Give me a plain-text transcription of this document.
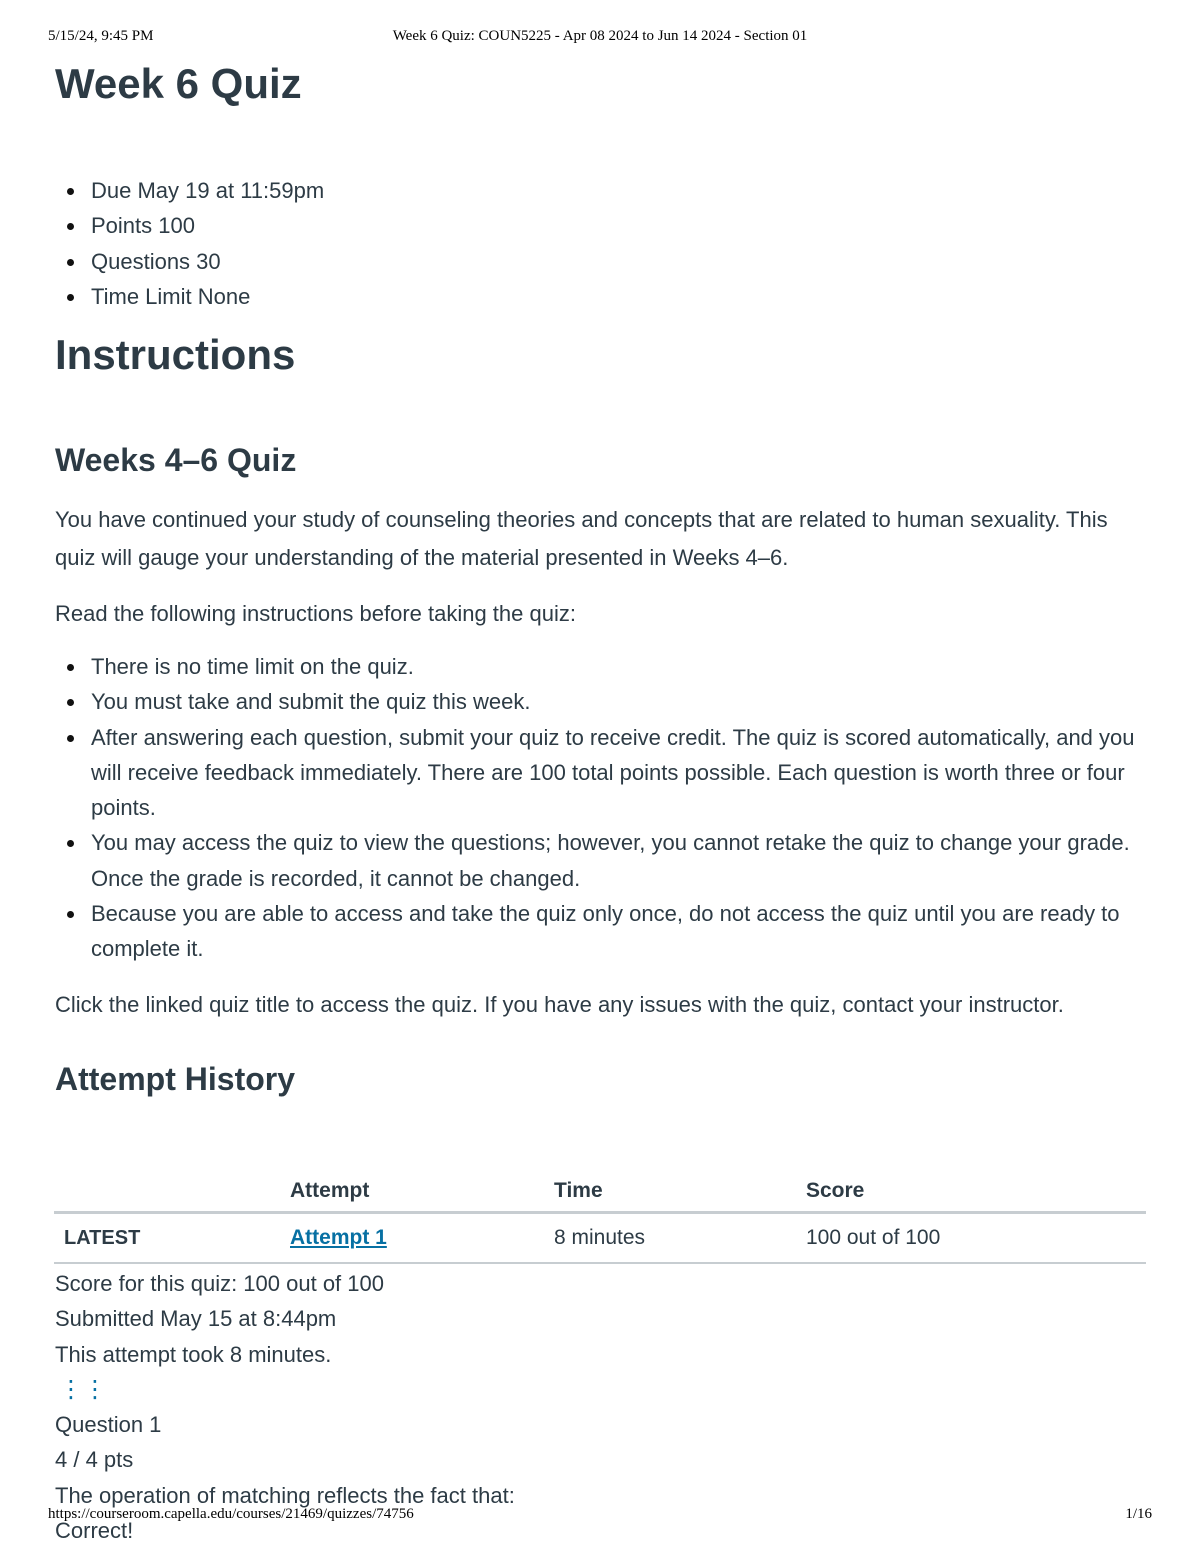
5/15/24, 9:45 PM	Week 6 Quiz: COUN5225 - Apr 08 2024 to Jun 14 2024 - Section 01
Week 6 Quiz
Due May 19 at 11:59pm
Points 100
Questions 30
Time Limit None
Instructions
Weeks 4–6 Quiz

You have continued your study of counseling theories and concepts that are related to human sexuality. This quiz will gauge your understanding of the material presented in Weeks 4–6.

Read the following instructions before taking the quiz:

There is no time limit on the quiz.
You must take and submit the quiz this week.
After answering each question, submit your quiz to receive credit. The quiz is scored automatically, and you will receive feedback immediately. There are 100 total points possible. Each question is worth three or four points.
You may access the quiz to view the questions; however, you cannot retake the quiz to change your grade. Once the grade is recorded, it cannot be changed.
Because you are able to access and take the quiz only once, do not access the quiz until you are ready to complete it.

Click the linked quiz title to access the quiz. If you have any issues with the quiz, contact your instructor.

Attempt History
	Attempt	Time	Score
LATEST	Attempt 1	8 minutes	100 out of 100
Score for this quiz: 100 out of 100
Submitted May 15 at 8:44pm
This attempt took 8 minutes.
⋮⋮
Question 1
4 / 4 pts
The operation of matching reflects the fact that:
Correct!
https://courseroom.capella.edu/courses/21469/quizzes/74756	1/16
